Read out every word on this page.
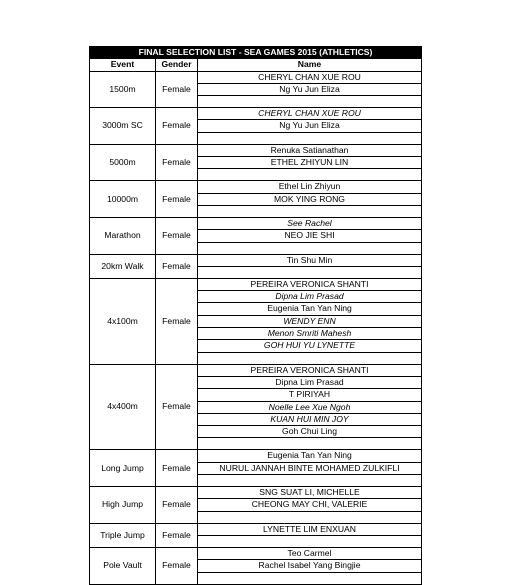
FINAL SELECTION LIST - SEA GAMES 2015 (ATHLETICS)		
Event	Gender	Name
1500m	Female	CHERYL CHAN XUE ROU
		Ng Yu Jun Eliza

3000m SC	Female	CHERYL CHAN XUE ROU
		Ng Yu Jun Eliza

5000m	Female	Renuka Satianathan
		ETHEL ZHIYUN LIN

10000m	Female	Ethel Lin Zhiyun
		MOK YING RONG

Marathon	Female	See Rachel
		NEO JIE SHI

20km Walk	Female	Tin Shu Min

4x100m	Female	PEREIRA VERONICA SHANTI
		Dipna Lim Prasad
		Eugenia Tan Yan Ning
		WENDY ENN
		Menon Smriti Mahesh
		GOH HUI YU LYNETTE

4x400m	Female	PEREIRA VERONICA SHANTI
		Dipna Lim Prasad
		T PIRIYAH
		Noelle Lee Xue Ngoh
		KUAN HUI MIN JOY
		Goh Chui Ling

Long Jump	Female	Eugenia Tan Yan Ning
		NURUL JANNAH BINTE MOHAMED ZULKIFLI

High Jump	Female	SNG SUAT LI, MICHELLE
		CHEONG MAY CHI, VALERIE

Triple Jump	Female	LYNETTE LIM ENXUAN

Pole Vault	Female	Teo Carmel
		Rachel Isabel Yang Bingjie
